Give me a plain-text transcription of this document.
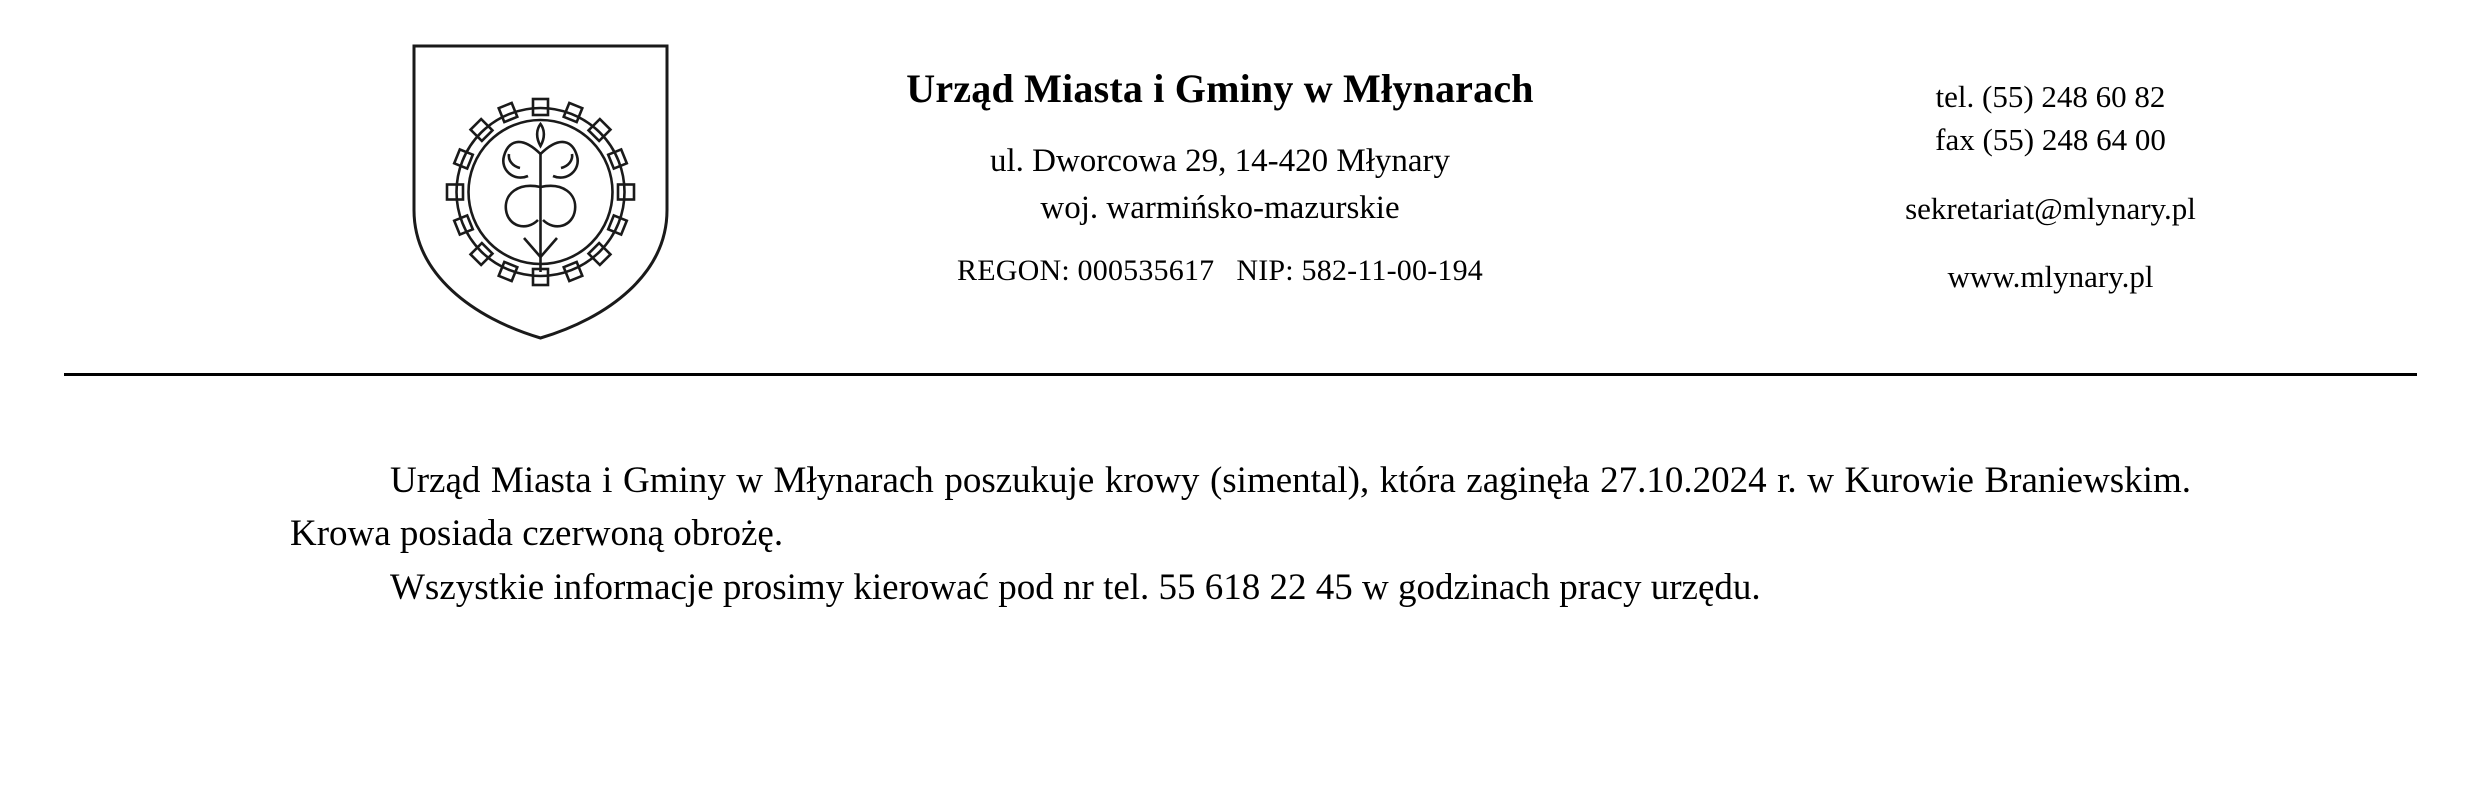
Urząd Miasta i Gminy w Młynarach
ul. Dworcowa 29, 14-420 Młynary
woj. warmińsko-mazurskie
REGON: 000535617 NIP: 582-11-00-194
tel. (55) 248 60 82
fax (55) 248 64 00
sekretariat@mlynary.pl
www.mlynary.pl

Urząd Miasta i Gminy w Młynarach poszukuje krowy (simental), która zaginęła 27.10.2024 r. w Kurowie Braniewskim. Krowa posiada czerwoną obrożę.

Wszystkie informacje prosimy kierować pod nr tel. 55 618 22 45 w godzinach pracy urzędu.
